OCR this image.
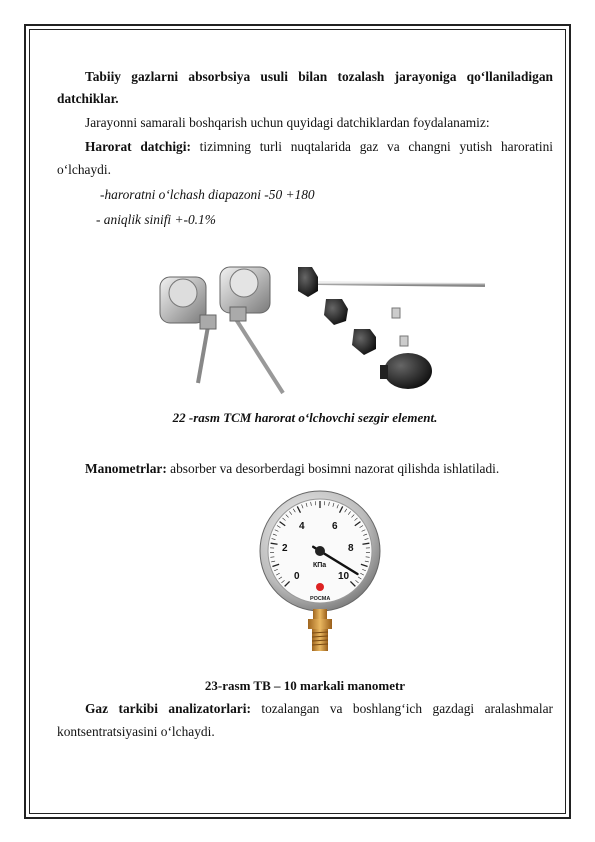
Tabiiy gazlarni absorbsiya usuli bilan tozalash jarayoniga qo‘llaniladigan
datchiklar.
Jarayonni samarali boshqarish uchun quyidagi datchiklardan foydalanamiz:
Harorat datchigi: tizimning turli nuqtalarida gaz va changni yutish haroratini
o‘lchaydi.
-haroratni o‘lchash diapazoni -50 +180
- aniqlik sinifi +-0.1%
22 -rasm TCM harorat o‘lchovchi sezgir element.
Manometrlar: absorber va desorberdagi bosimni nazorat qilishda ishlatiladi.
0
2
4	6
8
10
КПа
РОСМА
23-rasm TB – 10 markali manometr
Gaz tarkibi analizatorlari: tozalangan va boshlang‘ich gazdagi aralashmalar
kontsentratsiyasini o‘lchaydi.
